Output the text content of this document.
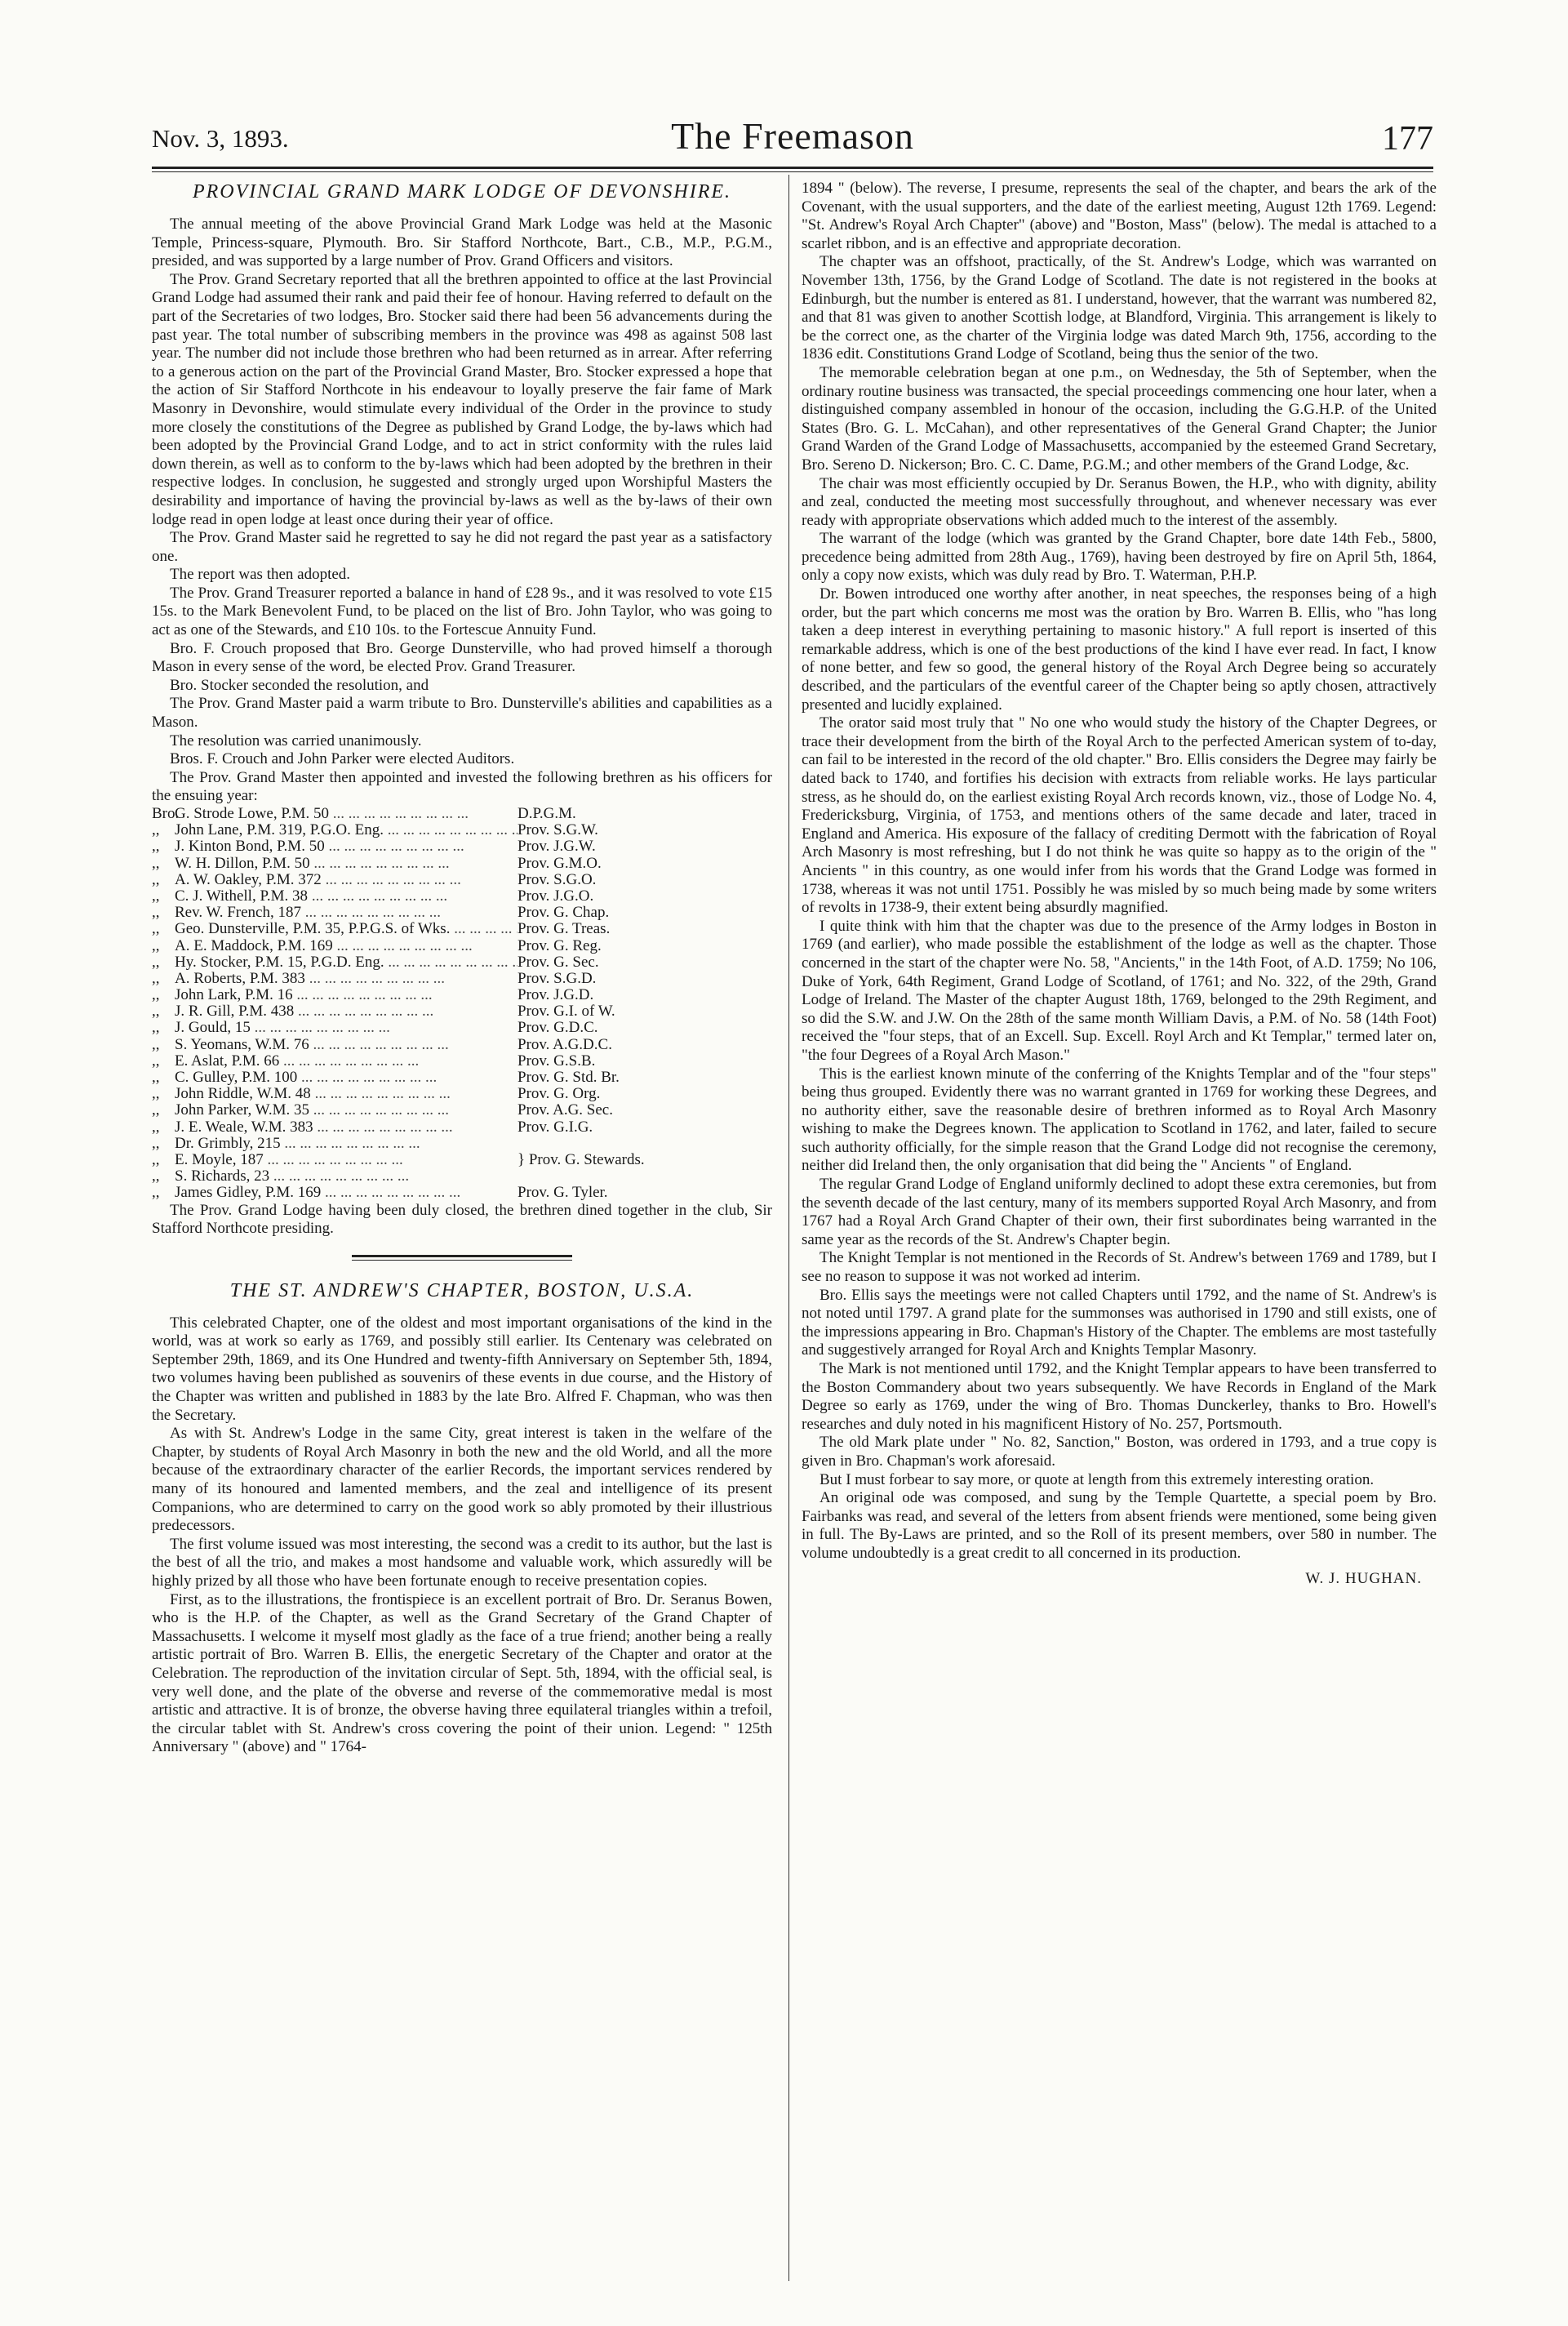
The Freemason
Nov. 3, 1893.	177
PROVINCIAL GRAND MARK LODGE OF DEVONSHIRE.

The annual meeting of the above Provincial Grand Mark Lodge was held at the Masonic Temple, Princess-square, Plymouth. Bro. Sir Stafford Northcote, Bart., C.B., M.P., P.G.M., presided, and was supported by a large number of Prov. Grand Officers and visitors.

The Prov. Grand Secretary reported that all the brethren appointed to office at the last Provincial Grand Lodge had assumed their rank and paid their fee of honour. Having referred to default on the part of the Secretaries of two lodges, Bro. Stocker said there had been 56 advancements during the past year. The total number of subscribing members in the province was 498 as against 508 last year. The number did not include those brethren who had been returned as in arrear. After referring to a generous action on the part of the Provincial Grand Master, Bro. Stocker expressed a hope that the action of Sir Stafford Northcote in his endeavour to loyally preserve the fair fame of Mark Masonry in Devonshire, would stimulate every individual of the Order in the province to study more closely the constitutions of the Degree as published by Grand Lodge, the by-laws which had been adopted by the Provincial Grand Lodge, and to act in strict conformity with the rules laid down therein, as well as to conform to the by-laws which had been adopted by the brethren in their respective lodges. In conclusion, he suggested and strongly urged upon Worshipful Masters the desirability and importance of having the provincial by-laws as well as the by-laws of their own lodge read in open lodge at least once during their year of office.

The Prov. Grand Master said he regretted to say he did not regard the past year as a satisfactory one.

The report was then adopted.

The Prov. Grand Treasurer reported a balance in hand of £28 9s., and it was resolved to vote £15 15s. to the Mark Benevolent Fund, to be placed on the list of Bro. John Taylor, who was going to act as one of the Stewards, and £10 10s. to the Fortescue Annuity Fund.

Bro. F. Crouch proposed that Bro. George Dunsterville, who had proved himself a thorough Mason in every sense of the word, be elected Prov. Grand Treasurer.

Bro. Stocker seconded the resolution, and

The Prov. Grand Master paid a warm tribute to Bro. Dunsterville's abilities and capabilities as a Mason.

The resolution was carried unanimously.

Bros. F. Crouch and John Parker were elected Auditors.

The Prov. Grand Master then appointed and invested the following brethren as his officers for the ensuing year:

Bro.
G. Strode Lowe, P.M. 50 ... .	D.P.G.M.
,, John Lane, P.M. 319, P.G.O. Eng. ... .	Prov. S.G.W.
,, J. Kinton Bond, P.M. 50 ... .	Prov. J.G.W.
,, W. H. Dillon, P.M. 50 ... .	Prov. G.M.O.
,, A. W. Oakley, P.M. 372 ... .	Prov. S.G.O.
,, C. J. Withell, P.M. 38 ... .	Prov. J.G.O.
,, Rev. W. French, 187 ... .	Prov. G. Chap.
,, Geo. Dunsterville, P.M. 35, P.P.G.S. of Wks. ... .	Prov. G. Treas.
,, A. E. Maddock, P.M. 169 ... .	Prov. G. Reg.
,, Hy. Stocker, P.M. 15, P.G.D. Eng. ... .	Prov. G. Sec.
,, A. Roberts, P.M. 383 ... .	Prov. S.G.D.
,, John Lark, P.M. 16 ... .	Prov. J.G.D.
,, J. R. Gill, P.M. 438 ... .	Prov. G.I. of W.
,, J. Gould, 15 ... .	Prov. G.D.C.
,, S. Yeomans, W.M. 76 ... .	Prov. A.G.D.C.
,, E. Aslat, P.M. 66 ... .	Prov. G.S.B.
,, C. Gulley, P.M. 100 ... .	Prov. G. Std. Br.
,, John Riddle, W.M. 48 ... .	Prov. G. Org.
,, John Parker, W.M. 35 ... .	Prov. A.G. Sec.
,, J. E. Weale, W.M. 383 ... .	Prov. G.I.G.
,, Dr. Grimbly, 215 ... .
,, E. Moyle, 187 ... .	} Prov. G. Stewards.
,, S. Richards, 23 ... .
,, James Gidley, P.M. 169 ... .	Prov. G. Tyler.

The Prov. Grand Lodge having been duly closed, the brethren dined together in the club, Sir Stafford Northcote presiding.

THE ST. ANDREW'S CHAPTER, BOSTON, U.S.A.

This celebrated Chapter, one of the oldest and most important organisations of the kind in the world, was at work so early as 1769, and possibly still earlier. Its Centenary was celebrated on September 29th, 1869, and its One Hundred and twenty-fifth Anniversary on September 5th, 1894, two volumes having been published as souvenirs of these events in due course, and the History of the Chapter was written and published in 1883 by the late Bro. Alfred F. Chapman, who was then the Secretary.

As with St. Andrew's Lodge in the same City, great interest is taken in the welfare of the Chapter, by students of Royal Arch Masonry in both the new and the old World, and all the more because of the extraordinary character of the earlier Records, the important services rendered by many of its honoured and lamented members, and the zeal and intelligence of its present Companions, who are determined to carry on the good work so ably promoted by their illustrious predecessors.

The first volume issued was most interesting, the second was a credit to its author, but the last is the best of all the trio, and makes a most handsome and valuable work, which assuredly will be highly prized by all those who have been fortunate enough to receive presentation copies.

First, as to the illustrations, the frontispiece is an excellent portrait of Bro. Dr. Seranus Bowen, who is the H.P. of the Chapter, as well as the Grand Secretary of the Grand Chapter of Massachusetts. I welcome it myself most gladly as the face of a true friend; another being a really artistic portrait of Bro. Warren B. Ellis, the energetic Secretary of the Chapter and orator at the Celebration. The reproduction of the invitation circular of Sept. 5th, 1894, with the official seal, is very well done, and the plate of the obverse and reverse of the commemorative medal is most artistic and attractive. It is of bronze, the obverse having three equilateral triangles within a trefoil, the circular tablet with St. Andrew's cross covering the point of their union. Legend: " 125th Anniversary " (above) and " 1764-

1894 " (below). The reverse, I presume, represents the seal of the chapter, and bears the ark of the Covenant, with the usual supporters, and the date of the earliest meeting, August 12th 1769. Legend: "St. Andrew's Royal Arch Chapter" (above) and "Boston, Mass" (below). The medal is attached to a scarlet ribbon, and is an effective and appropriate decoration.

The chapter was an offshoot, practically, of the St. Andrew's Lodge, which was warranted on November 13th, 1756, by the Grand Lodge of Scotland. The date is not registered in the books at Edinburgh, but the number is entered as 81. I understand, however, that the warrant was numbered 82, and that 81 was given to another Scottish lodge, at Blandford, Virginia. This arrangement is likely to be the correct one, as the charter of the Virginia lodge was dated March 9th, 1756, according to the 1836 edit. Constitutions Grand Lodge of Scotland, being thus the senior of the two.

The memorable celebration began at one p.m., on Wednesday, the 5th of September, when the ordinary routine business was transacted, the special proceedings commencing one hour later, when a distinguished company assembled in honour of the occasion, including the G.G.H.P. of the United States (Bro. G. L. McCahan), and other representatives of the General Grand Chapter; the Junior Grand Warden of the Grand Lodge of Massachusetts, accompanied by the esteemed Grand Secretary, Bro. Sereno D. Nickerson; Bro. C. C. Dame, P.G.M.; and other members of the Grand Lodge, &c.

The chair was most efficiently occupied by Dr. Seranus Bowen, the H.P., who with dignity, ability and zeal, conducted the meeting most successfully throughout, and whenever necessary was ever ready with appropriate observations which added much to the interest of the assembly.

The warrant of the lodge (which was granted by the Grand Chapter, bore date 14th Feb., 5800, precedence being admitted from 28th Aug., 1769), having been destroyed by fire on April 5th, 1864, only a copy now exists, which was duly read by Bro. T. Waterman, P.H.P.

Dr. Bowen introduced one worthy after another, in neat speeches, the responses being of a high order, but the part which concerns me most was the oration by Bro. Warren B. Ellis, who "has long taken a deep interest in everything pertaining to masonic history." A full report is inserted of this remarkable address, which is one of the best productions of the kind I have ever read. In fact, I know of none better, and few so good, the general history of the Royal Arch Degree being so accurately described, and the particulars of the eventful career of the Chapter being so aptly chosen, attractively presented and lucidly explained.

The orator said most truly that " No one who would study the history of the Chapter Degrees, or trace their development from the birth of the Royal Arch to the perfected American system of to-day, can fail to be interested in the record of the old chapter." Bro. Ellis considers the Degree may fairly be dated back to 1740, and fortifies his decision with extracts from reliable works. He lays particular stress, as he should do, on the earliest existing Royal Arch records known, viz., those of Lodge No. 4, Fredericksburg, Virginia, of 1753, and mentions others of the same decade and later, traced in England and America. His exposure of the fallacy of crediting Dermott with the fabrication of Royal Arch Masonry is most refreshing, but I do not think he was quite so happy as to the origin of the " Ancients " in this country, as one would infer from his words that the Grand Lodge was formed in 1738, whereas it was not until 1751. Possibly he was misled by so much being made by some writers of revolts in 1738-9, their extent being absurdly magnified.

I quite think with him that the chapter was due to the presence of the Army lodges in Boston in 1769 (and earlier), who made possible the establishment of the lodge as well as the chapter. Those concerned in the start of the chapter were No. 58, "Ancients," in the 14th Foot, of A.D. 1759; No 106, Duke of York, 64th Regiment, Grand Lodge of Scotland, of 1761; and No. 322, of the 29th, Grand Lodge of Ireland. The Master of the chapter August 18th, 1769, belonged to the 29th Regiment, and so did the S.W. and J.W. On the 28th of the same month William Davis, a P.M. of No. 58 (14th Foot) received the "four steps, that of an Excell. Sup. Excell. Royl Arch and Kt Templar," termed later on, "the four Degrees of a Royal Arch Mason."

This is the earliest known minute of the conferring of the Knights Templar and of the "four steps" being thus grouped. Evidently there was no warrant granted in 1769 for working these Degrees, and no authority either, save the reasonable desire of brethren informed as to Royal Arch Masonry wishing to make the Degrees known. The application to Scotland in 1762, and later, failed to secure such authority officially, for the simple reason that the Grand Lodge did not recognise the ceremony, neither did Ireland then, the only organisation that did being the " Ancients " of England.

The regular Grand Lodge of England uniformly declined to adopt these extra ceremonies, but from the seventh decade of the last century, many of its members supported Royal Arch Masonry, and from 1767 had a Royal Arch Grand Chapter of their own, their first subordinates being warranted in the same year as the records of the St. Andrew's Chapter begin.

The Knight Templar is not mentioned in the Records of St. Andrew's between 1769 and 1789, but I see no reason to suppose it was not worked ad interim.

Bro. Ellis says the meetings were not called Chapters until 1792, and the name of St. Andrew's is not noted until 1797. A grand plate for the summonses was authorised in 1790 and still exists, one of the impressions appearing in Bro. Chapman's History of the Chapter. The emblems are most tastefully and suggestively arranged for Royal Arch and Knights Templar Masonry.

The Mark is not mentioned until 1792, and the Knight Templar appears to have been transferred to the Boston Commandery about two years subsequently. We have Records in England of the Mark Degree so early as 1769, under the wing of Bro. Thomas Dunckerley, thanks to Bro. Howell's researches and duly noted in his magnificent History of No. 257, Portsmouth.

The old Mark plate under " No. 82, Sanction," Boston, was ordered in 1793, and a true copy is given in Bro. Chapman's work aforesaid.

But I must forbear to say more, or quote at length from this extremely interesting oration.

An original ode was composed, and sung by the Temple Quartette, a special poem by Bro. Fairbanks was read, and several of the letters from absent friends were mentioned, some being given in full. The By-Laws are printed, and so the Roll of its present members, over 580 in number. The volume undoubtedly is a great credit to all concerned in its production.

W. J. HUGHAN.
